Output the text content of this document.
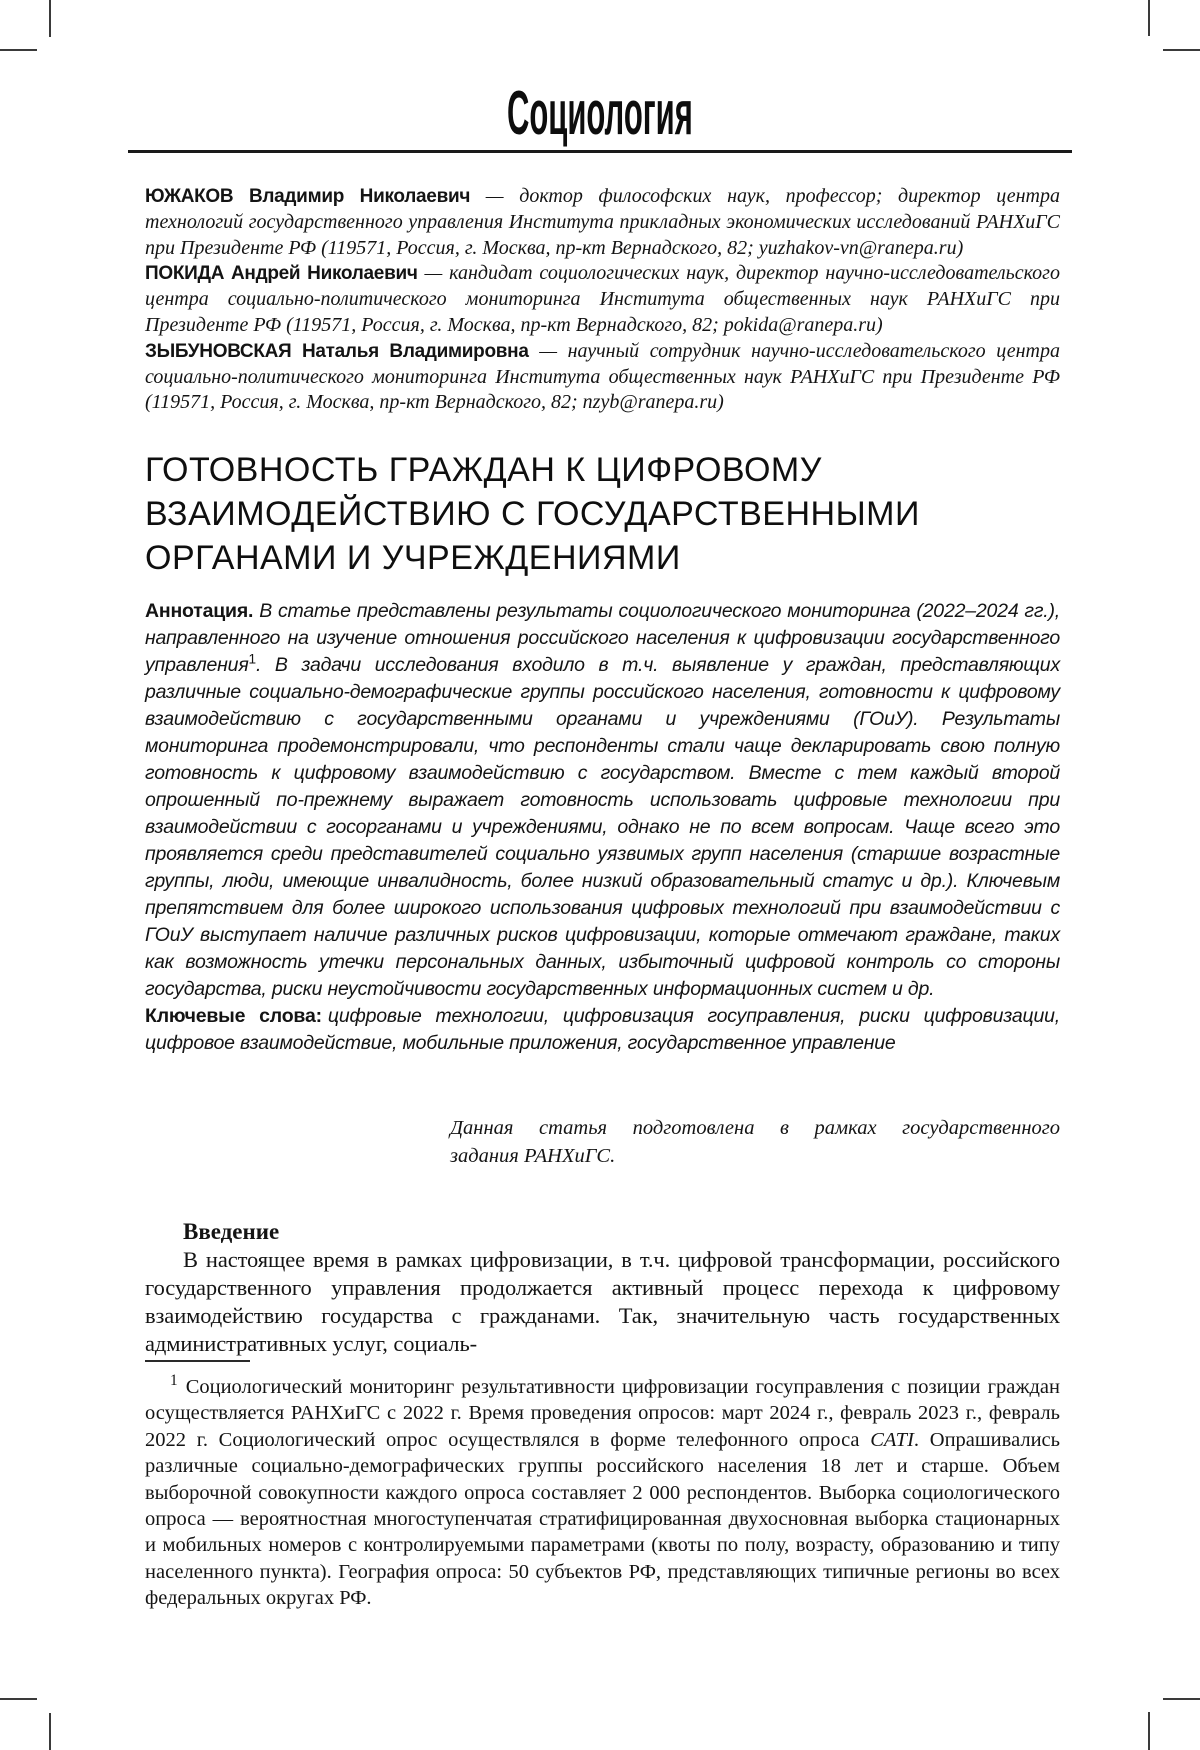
Социология

ЮЖАКОВ Владимир Николаевич — доктор философских наук, профессор; директор центра технологий государственного управления Института прикладных экономических исследований РАНХиГС при Президенте РФ (119571, Россия, г. Москва, пр-кт Вернадского, 82; yuzhakov-vn@ranepa.ru)

ПОКИДА Андрей Николаевич — кандидат социологических наук, директор научно-исследовательского центра социально-политического мониторинга Института общественных наук РАНХиГС при Президенте РФ (119571, Россия, г. Москва, пр-кт Вернадского, 82; pokida@ranepa.ru)

ЗЫБУНОВСКАЯ Наталья Владимировна — научный сотрудник научно-исследовательского центра социально-политического мониторинга Института общественных наук РАНХиГС при Президенте РФ (119571, Россия, г. Москва, пр-кт Вернадского, 82; nzyb@ranepa.ru)

ГОТОВНОСТЬ ГРАЖДАН К ЦИФРОВОМУ ВЗАИМОДЕЙСТВИЮ С ГОСУДАРСТВЕННЫМИ ОРГАНАМИ И УЧРЕЖДЕНИЯМИ

Аннотация. В статье представлены результаты социологического мониторинга (2022–2024 гг.), направленного на изучение отношения российского населения к цифровизации государственного управления$^1$. В задачи исследования входило в т.ч. выявление у граждан, представляющих различные социально-демографические группы российского населения, готовности к цифровому взаимодействию с государственными органами и учреждениями (ГОиУ). Результаты мониторинга продемонстрировали, что респонденты стали чаще декларировать свою полную готовность к цифровому взаимодействию с государством. Вместе с тем каждый второй опрошенный по-прежнему выражает готовность использовать цифровые технологии при взаимодействии с госорганами и учреждениями, однако не по всем вопросам. Чаще всего это проявляется среди представителей социально уязвимых групп населения (старшие возрастные группы, люди, имеющие инвалидность, более низкий образовательный статус и др.). Ключевым препятствием для более широкого использования цифровых технологий при взаимодействии с ГОиУ выступает наличие различных рисков цифровизации, которые отмечают граждане, таких как возможность утечки персональных данных, избыточный цифровой контроль со стороны государства, риски неустойчивости государственных информационных систем и др.

Ключевые слова: цифровые технологии, цифровизация госуправления, риски цифровизации, цифровое взаимодействие, мобильные приложения, государственное управление

Данная статья подготовлена в рамках государственного
задания РАНХиГС.

Введение

В настоящее время в рамках цифровизации, в т.ч. цифровой трансформации, российского государственного управления продолжается активный процесс перехода к цифровому взаимодействию государства с гражданами. Так, значительную часть государственных административных услуг, социаль-

$^1$ Социологический мониторинг результативности цифровизации госуправления с позиции граждан осуществляется РАНХиГС с 2022 г. Время проведения опросов: март 2024 г., февраль 2023 г., февраль 2022 г. Социологический опрос осуществлялся в форме телефонного опроса CATI. Опрашивались различные социально-демографических группы российского населения 18 лет и старше. Объем выборочной совокупности каждого опроса составляет 2 000 респондентов. Выборка социологического опроса — вероятностная многоступенчатая стратифицированная двухосновная выборка стационарных и мобильных номеров с контролируемыми параметрами (квоты по полу, возрасту, образованию и типу населенного пункта). География опроса: 50 субъектов РФ, представляющих типичные регионы во всех федеральных округах РФ.
